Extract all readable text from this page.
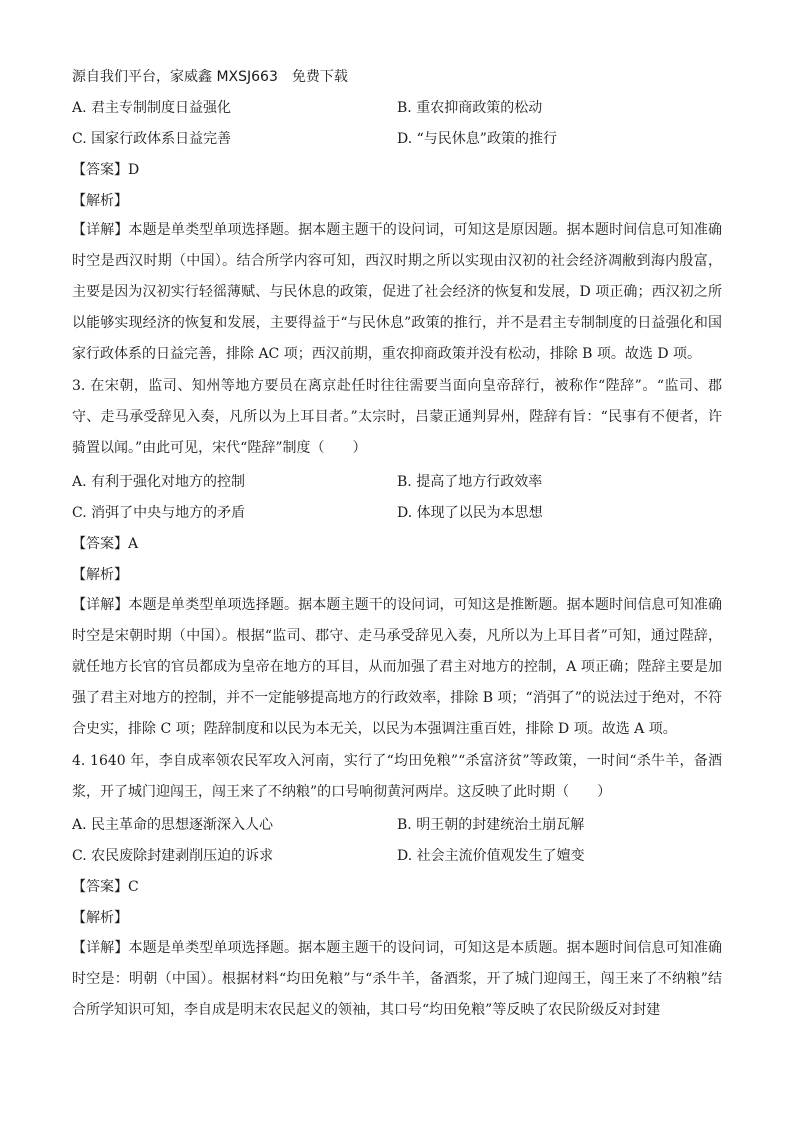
源自我们平台，家威鑫 MXSJ663　免费下载
A. 君主专制制度日益强化	B. 重农抑商政策的松动
C. 国家行政体系日益完善	D. “与民休息”政策的推行
【答案】D
【解析】
【详解】本题是单类型单项选择题。据本题主题干的设问词，可知这是原因题。据本题时间信息可知准确时空是西汉时期（中国）。结合所学内容可知，西汉时期之所以实现由汉初的社会经济凋敝到海内殷富，主要是因为汉初实行轻徭薄赋、与民休息的政策，促进了社会经济的恢复和发展，D 项正确；西汉初之所以能够实现经济的恢复和发展，主要得益于“与民休息”政策的推行，并不是君主专制制度的日益强化和国家行政体系的日益完善，排除 AC 项；西汉前期，重农抑商政策并没有松动，排除 B 项。故选 D 项。
3. 在宋朝，监司、知州等地方要员在离京赴任时往往需要当面向皇帝辞行，被称作“陛辞”。“监司、郡守、走马承受辞见入奏，凡所以为上耳目者。”太宗时，吕蒙正通判昇州，陛辞有旨：“民事有不便者，许骑置以闻。”由此可见，宋代“陛辞”制度（　　）
A. 有利于强化对地方的控制	B. 提高了地方行政效率
C. 消弭了中央与地方的矛盾	D. 体现了以民为本思想
【答案】A
【解析】
【详解】本题是单类型单项选择题。据本题主题干的设问词，可知这是推断题。据本题时间信息可知准确时空是宋朝时期（中国）。根据“监司、郡守、走马承受辞见入奏，凡所以为上耳目者”可知，通过陛辞，就任地方长官的官员都成为皇帝在地方的耳目，从而加强了君主对地方的控制，A 项正确；陛辞主要是加强了君主对地方的控制，并不一定能够提高地方的行政效率，排除 B 项；“消弭了”的说法过于绝对，不符合史实，排除 C 项；陛辞制度和以民为本无关，以民为本强调注重百姓，排除 D 项。故选 A 项。
4. 1640 年，李自成率领农民军攻入河南，实行了“均田免粮”“杀富济贫”等政策，一时间“杀牛羊，备酒浆，开了城门迎闯王，闯王来了不纳粮”的口号响彻黄河两岸。这反映了此时期（　　）
A. 民主革命的思想逐渐深入人心	B. 明王朝的封建统治土崩瓦解
C. 农民废除封建剥削压迫的诉求	D. 社会主流价值观发生了嬗变
【答案】C
【解析】
【详解】本题是单类型单项选择题。据本题主题干的设问词，可知这是本质题。据本题时间信息可知准确时空是：明朝（中国）。根据材料“均田免粮”与“杀牛羊，备酒浆，开了城门迎闯王，闯王来了不纳粮”结合所学知识可知，李自成是明末农民起义的领袖，其口号“均田免粮”等反映了农民阶级反对封建
